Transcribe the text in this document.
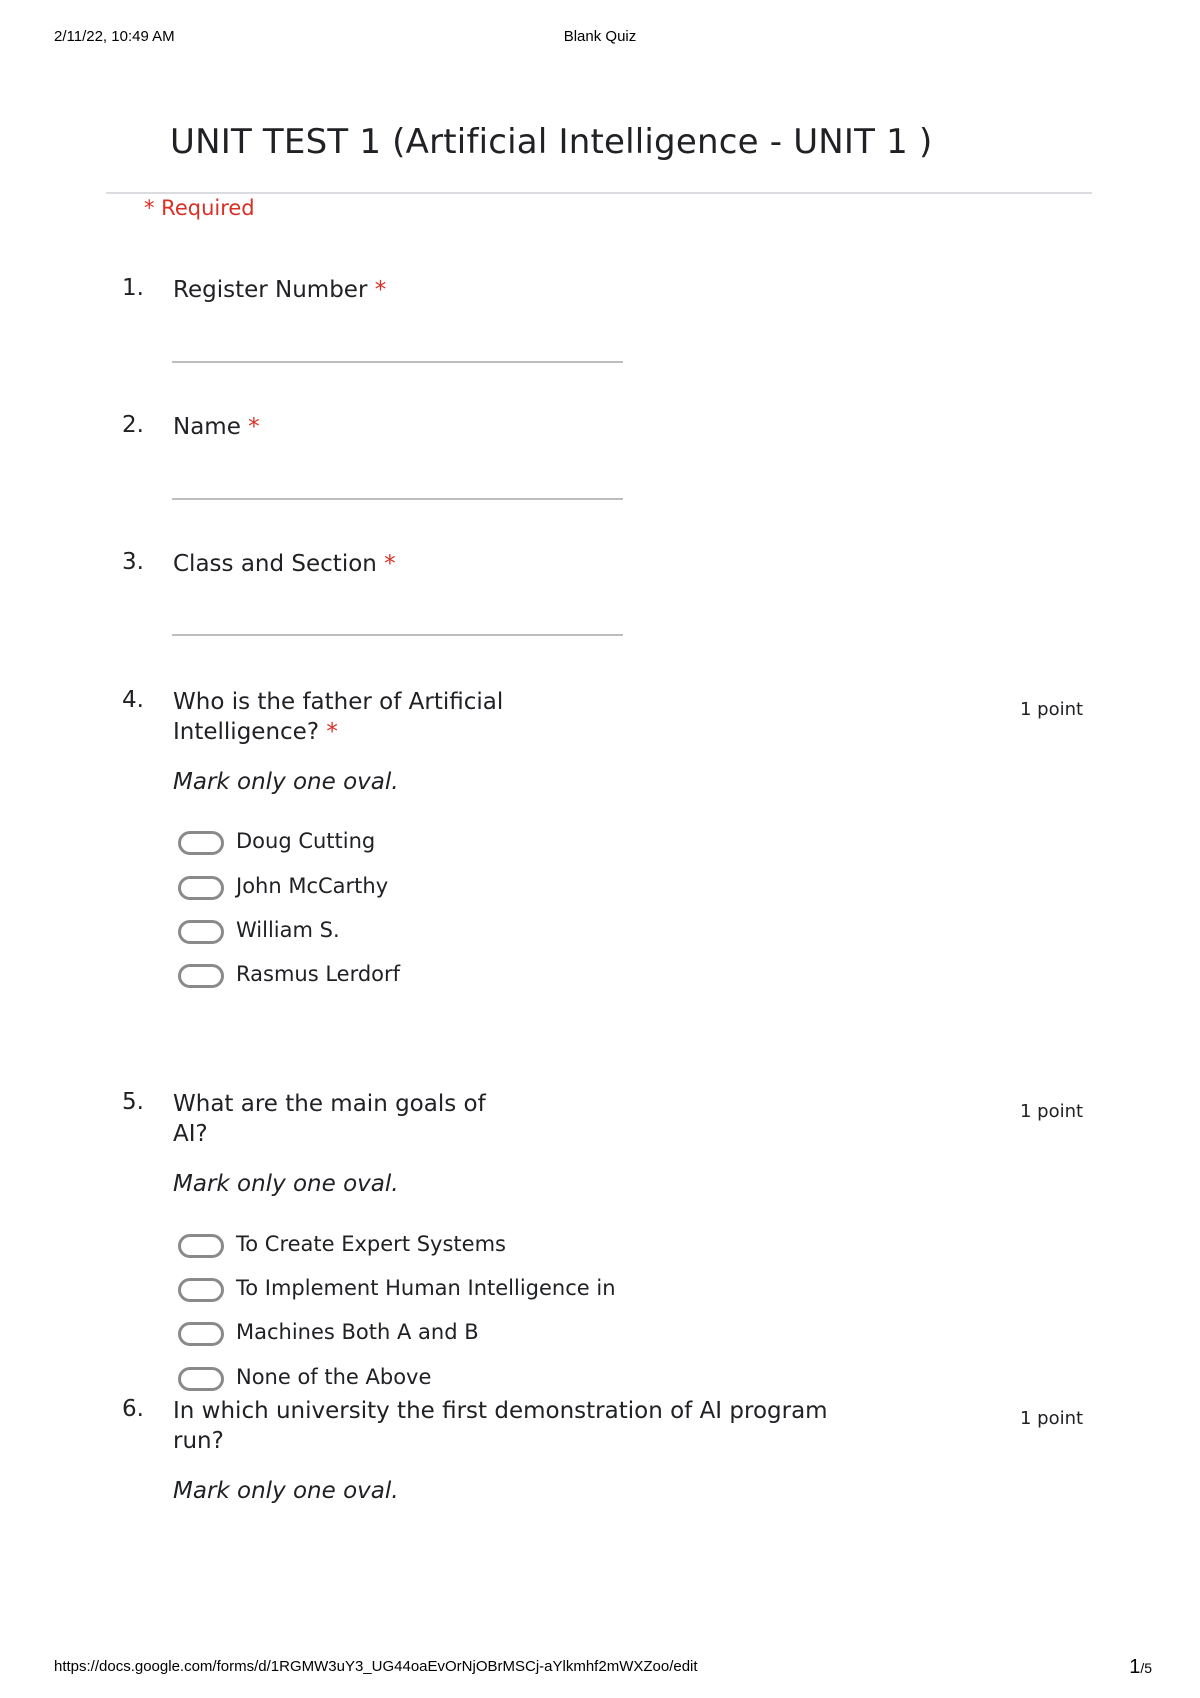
2/11/22, 10:49 AM	Blank Quiz
UNIT TEST 1 (Artificial Intelligence - UNIT 1 )
* Required
1. Register Number *
2. Name *
3. Class and Section *
4. Who is the father of Artificial
Intelligence? *
1 point
Mark only one oval.
Doug Cutting
John McCarthy
William S.
Rasmus Lerdorf
5. What are the main goals of
AI?
1 point
Mark only one oval.
To Create Expert Systems
To Implement Human Intelligence in
Machines Both A and B
None of the Above
6. In which university the first demonstration of AI program
run?
1 point
Mark only one oval.
https://docs.google.com/forms/d/1RGMW3uY3_UG44oaEvOrNjOBrMSCj-aYlkmhf2mWXZoo/edit	1/5
